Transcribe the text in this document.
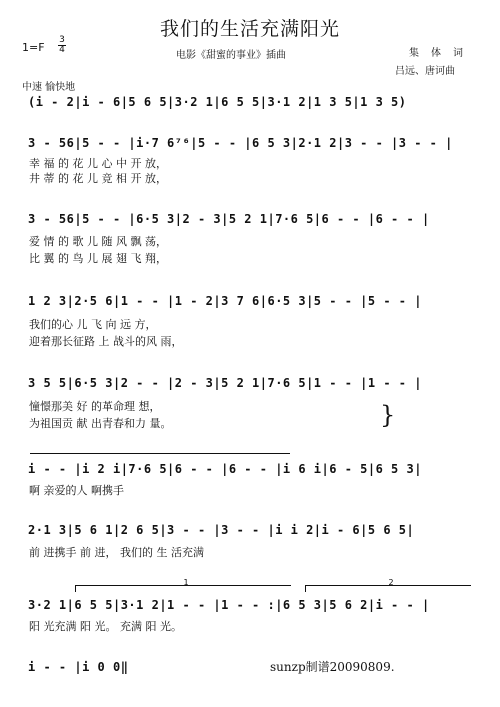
我们的生活充满阳光
1=F
3
4	电影《甜蜜的事业》插曲	集体词
吕远、唐诃曲
中速 愉快地
(i - 2|i - 6|5 6 5|3·2 1|6 5 5|3·1 2|1 3 5|1 3 5)
3 - 56|5 - - |i·7 6⁷⁶|5 - - |6 5 3|2·1 2|3 - - |3 - - |
幸 福 的 花 儿 心 中 开 放，
井 蒂 的 花 儿 竞 相 开 放，
3 - 56|5 - - |6·5 3|2 - 3|5 2 1|7·6 5|6 - - |6 - - |
爱 情 的 歌 儿 随 风 飘 荡，
比 翼 的 鸟 儿 展 翅 飞 翔，
1 2 3|2·5 6|1 - - |1 - 2|3 7 6|6·5 3|5 - - |5 - - |
我们的心 儿 飞 向 远 方，
迎着那长征路 上 战斗的风 雨，
3 5 5|6·5 3|2 - - |2 - 3|5 2 1|7·6 5|1 - - |1 - - |
憧憬那美 好 的革命理 想，
为祖国贡 献 出青春和力 量。	}
i - - |i 2 i|7·6 5|6 - - |6 - - |i 6 i|6 - 5|6 5 3|
啊 亲爱的人 啊携手
2·1 3|5 6 1|2 6 5|3 - - |3 - - |i i 2|i - 6|5 6 5|
前 进携手 前 进， 我们的 生 活充满
1	2
3·2 1|6 5 5|3·1 2|1 - - |1 - - :|6 5 3|5 6 2|i - - |
阳 光充满 阳 光。 充满 阳 光。
i - - |i 0 0‖	sunzp制谱20090809.
